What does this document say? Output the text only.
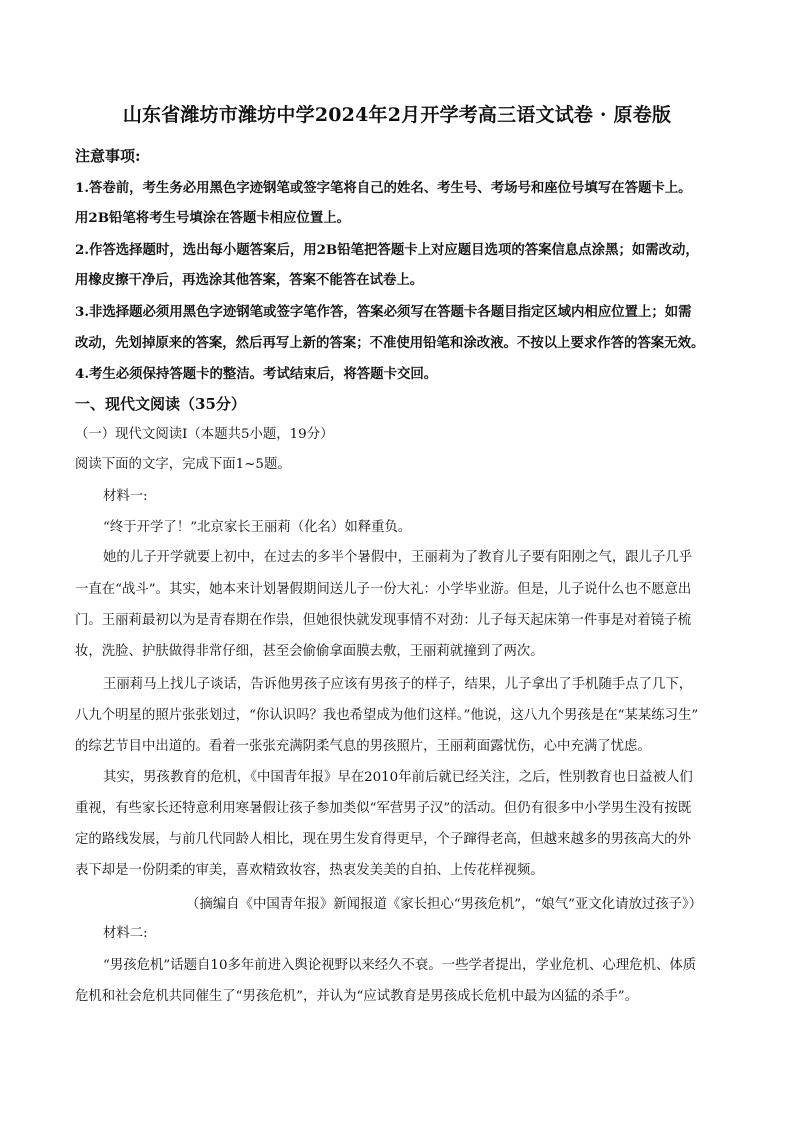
山东省潍坊市潍坊中学2024年2月开学考高三语文试卷 · 原卷版
注意事项:
1.答卷前，考生务必用黑色字迹钢笔或签字笔将自己的姓名、考生号、考场号和座位号填写在答题卡上。
用2B铅笔将考生号填涂在答题卡相应位置上。
2.作答选择题时，选出每小题答案后，用2B铅笔把答题卡上对应题目选项的答案信息点涂黑；如需改动，
用橡皮擦干净后，再选涂其他答案，答案不能答在试卷上。
3.非选择题必须用黑色字迹钢笔或签字笔作答，答案必须写在答题卡各题目指定区域内相应位置上；如需
改动，先划掉原来的答案，然后再写上新的答案；不准使用铅笔和涂改液。不按以上要求作答的答案无效。
4.考生必须保持答题卡的整洁。考试结束后，将答题卡交回。
一、现代文阅读（35分）
（一）现代文阅读Ⅰ（本题共5小题，19分）
阅读下面的文字，完成下面1~5题。
材料一:
“终于开学了！”北京家长王丽莉（化名）如释重负。
她的儿子开学就要上初中，在过去的多半个暑假中，王丽莉为了教育儿子要有阳刚之气，跟儿子几乎
一直在“战斗”。其实，她本来计划暑假期间送儿子一份大礼：小学毕业游。但是，儿子说什么也不愿意出
门。王丽莉最初以为是青春期在作祟，但她很快就发现事情不对劲：儿子每天起床第一件事是对着镜子梳
妆，洗脸、护肤做得非常仔细，甚至会偷偷拿面膜去敷，王丽莉就撞到了两次。
王丽莉马上找儿子谈话，告诉他男孩子应该有男孩子的样子，结果，儿子拿出了手机随手点了几下，
八九个明星的照片张张划过，“你认识吗？我也希望成为他们这样。”他说，这八九个男孩是在“某某练习生”
的综艺节目中出道的。看着一张张充满阴柔气息的男孩照片，王丽莉面露忧伤，心中充满了忧虑。
其实，男孩教育的危机，《中国青年报》早在2010年前后就已经关注，之后，性别教育也日益被人们
重视，有些家长还特意利用寒暑假让孩子参加类似“军营男子汉”的活动。但仍有很多中小学男生没有按既
定的路线发展，与前几代同龄人相比，现在男生发育得更早，个子蹿得老高，但越来越多的男孩高大的外
表下却是一份阴柔的审美，喜欢精致妆容，热衷发美美的自拍、上传花样视频。
（摘编自《中国青年报》新闻报道《家长担心“男孩危机”，“娘气”亚文化请放过孩子》）
材料二:
“男孩危机”话题自10多年前进入舆论视野以来经久不衰。一些学者提出，学业危机、心理危机、体质
危机和社会危机共同催生了“男孩危机”，并认为“应试教育是男孩成长危机中最为凶猛的杀手”。
